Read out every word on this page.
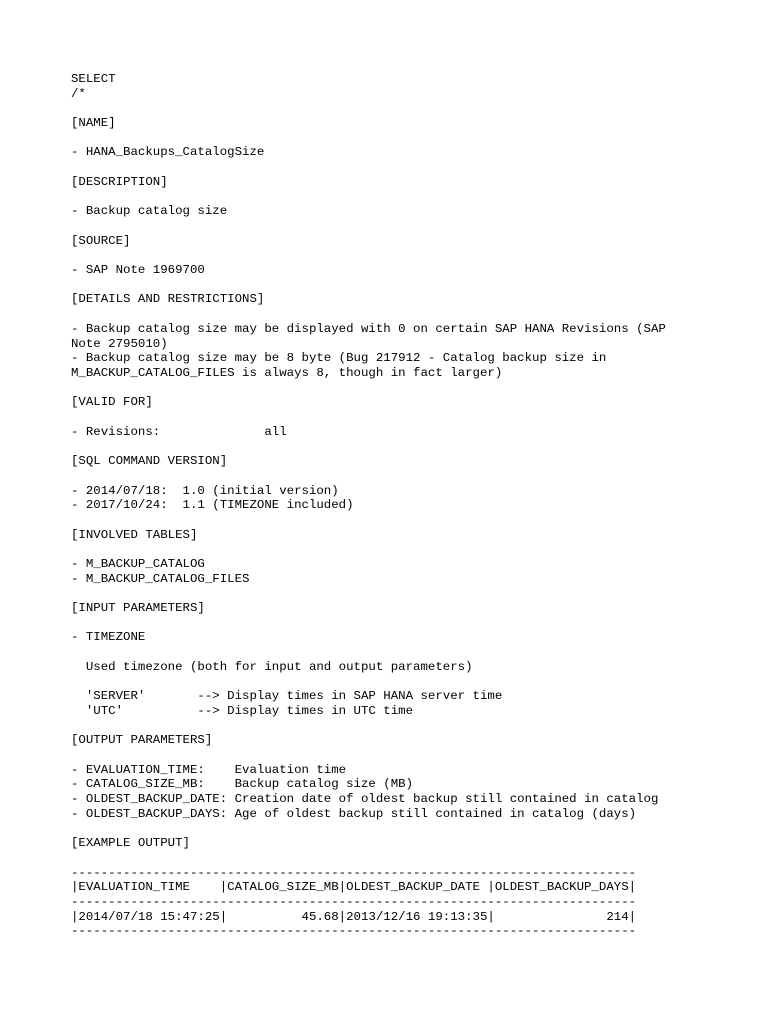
SELECT
/*
[NAME]
- HANA_Backups_CatalogSize
[DESCRIPTION]
- Backup catalog size
[SOURCE]
- SAP Note 1969700
[DETAILS AND RESTRICTIONS]
- Backup catalog size may be displayed with 0 on certain SAP HANA Revisions (SAP
Note 2795010)
- Backup catalog size may be 8 byte (Bug 217912 - Catalog backup size in
M_BACKUP_CATALOG_FILES is always 8, though in fact larger)
[VALID FOR]
- Revisions:              all
[SQL COMMAND VERSION]
- 2014/07/18:  1.0 (initial version)
- 2017/10/24:  1.1 (TIMEZONE included)
[INVOLVED TABLES]
- M_BACKUP_CATALOG
- M_BACKUP_CATALOG_FILES
[INPUT PARAMETERS]
- TIMEZONE
Used timezone (both for input and output parameters)
'SERVER'       --> Display times in SAP HANA server time
'UTC'          --> Display times in UTC time
[OUTPUT PARAMETERS]
- EVALUATION_TIME:    Evaluation time
- CATALOG_SIZE_MB:    Backup catalog size (MB)
- OLDEST_BACKUP_DATE: Creation date of oldest backup still contained in catalog
- OLDEST_BACKUP_DAYS: Age of oldest backup still contained in catalog (days)
[EXAMPLE OUTPUT]
----------------------------------------------------------------------------
|EVALUATION_TIME    |CATALOG_SIZE_MB|OLDEST_BACKUP_DATE |OLDEST_BACKUP_DAYS|
----------------------------------------------------------------------------
|2014/07/18 15:47:25|          45.68|2013/12/16 19:13:35|               214|
----------------------------------------------------------------------------
